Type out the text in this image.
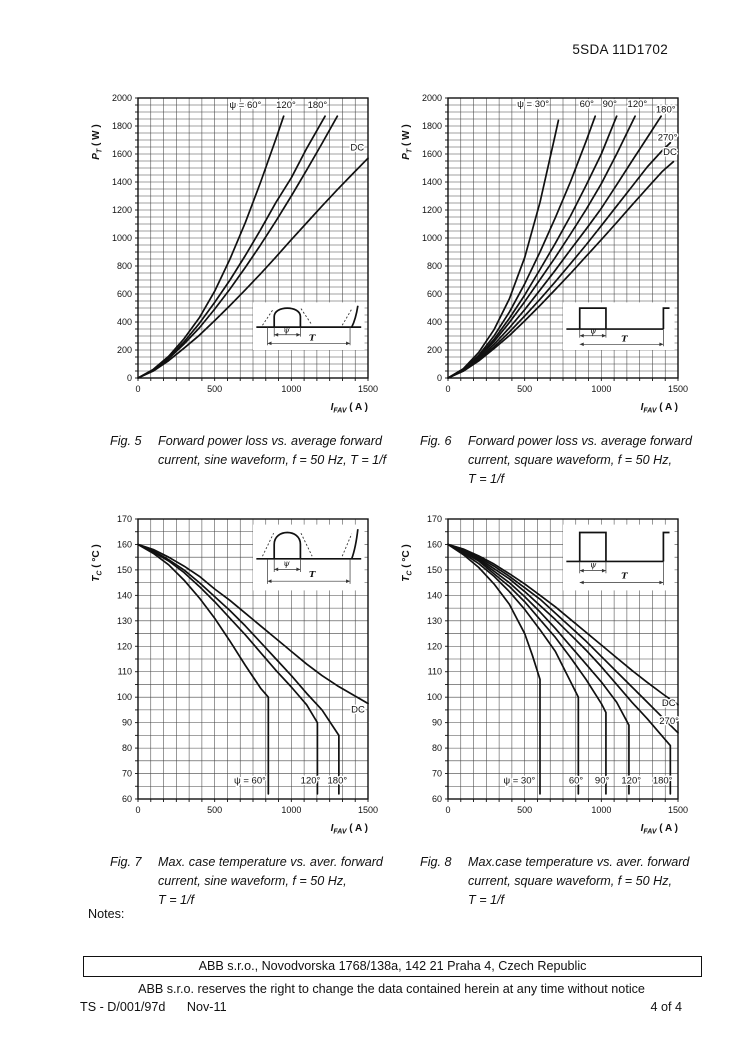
5SDA 11D1702
0	500	1000	1500
0
200
400
600
800
1000
1200
1400
1600
1800
2000
$P_T$ ( W )
$I_{FAV}$ ( A )
ψ
T
ψ = 60° 120° 180°
DC
Fig. 5	Forward power loss vs. average forward
current, sine waveform, f = 50 Hz, T = 1/f
0	500	1000	1500
0
200
400
600
800
1000
1200
1400
1600
1800
2000
$P_T$ ( W )
$I_{FAV}$ ( A )
ψ
T
ψ = 30°	60° 90° 120° 180°
270°
DC
Fig. 6	Forward power loss vs. average forward
current, square waveform, f = 50 Hz,
T = 1/f
0	500	1000	1500
60
70
80
90
100
110
120
130
140
150
160
170
$T_C$ ( °C )
$I_{FAV}$ ( A )
ψ
T
ψ = 60°	120° 180°
DC
Fig. 7	Max. case temperature vs. aver. forward
current, sine waveform, f = 50 Hz,
T = 1/f
0	500	1000	1500
60
70
80
90
100
110
120
130
140
150
160
170
$T_C$ ( °C )
$I_{FAV}$ ( A )
ψ
T
ψ = 30°	60° 90° 120° 180°
DC
270°
Fig. 8	Max.case temperature vs. aver. forward
current, square waveform, f = 50 Hz,
T = 1/f
Notes:
ABB s.r.o., Novodvorska 1768/138a, 142 21 Praha 4, Czech Republic
ABB s.r.o. reserves the right to change the data contained herein at any time without notice
TS - D/001/97d Nov-11	4 of 4
